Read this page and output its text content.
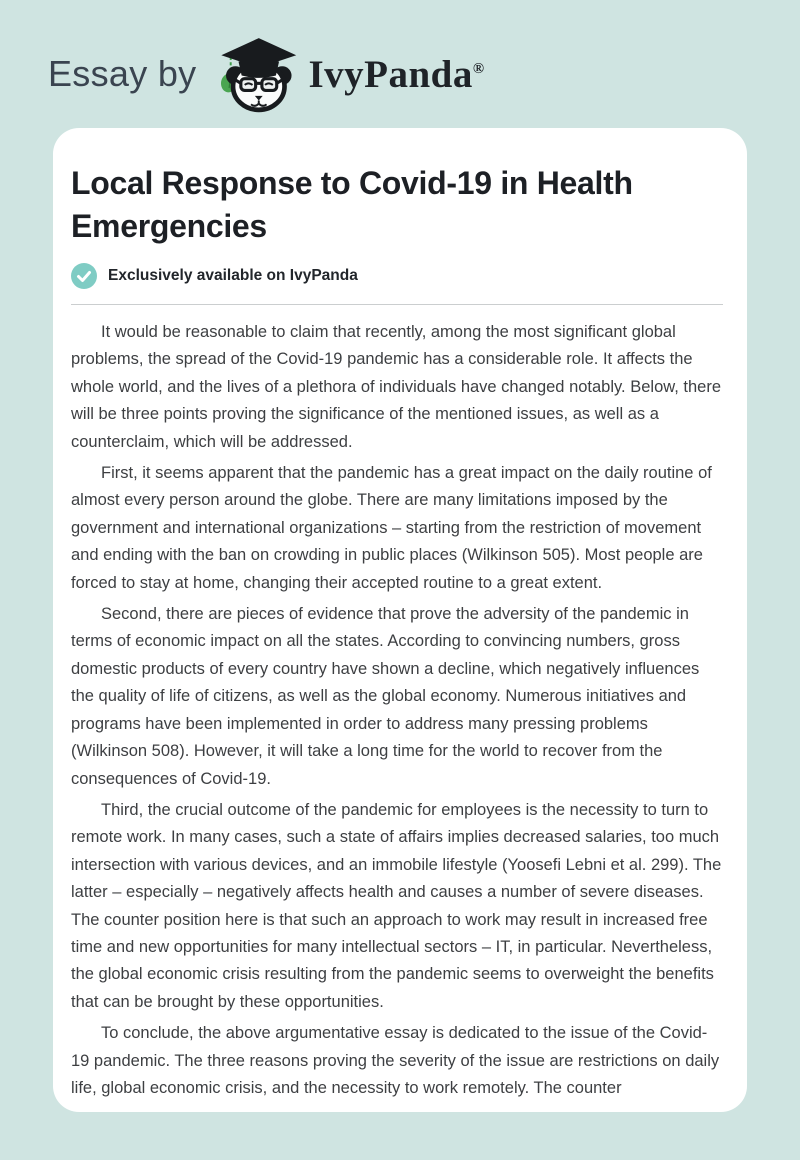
Essay by	IvyPanda®
Local Response to Covid-19 in Health Emergencies
Exclusively available on IvyPanda

It would be reasonable to claim that recently, among the most significant global problems, the spread of the Covid-19 pandemic has a considerable role. It affects the whole world, and the lives of a plethora of individuals have changed notably. Below, there will be three points proving the significance of the mentioned issues, as well as a counterclaim, which will be addressed.

First, it seems apparent that the pandemic has a great impact on the daily routine of almost every person around the globe. There are many limitations imposed by the government and international organizations – starting from the restriction of movement and ending with the ban on crowding in public places (Wilkinson 505). Most people are forced to stay at home, changing their accepted routine to a great extent.

Second, there are pieces of evidence that prove the adversity of the pandemic in terms of economic impact on all the states. According to convincing numbers, gross domestic products of every country have shown a decline, which negatively influences the quality of life of citizens, as well as the global economy. Numerous initiatives and programs have been implemented in order to address many pressing problems (Wilkinson 508). However, it will take a long time for the world to recover from the consequences of Covid-19.

Third, the crucial outcome of the pandemic for employees is the necessity to turn to remote work. In many cases, such a state of affairs implies decreased salaries, too much intersection with various devices, and an immobile lifestyle (Yoosefi Lebni et al. 299). The latter – especially – negatively affects health and causes a number of severe diseases. The counter position here is that such an approach to work may result in increased free time and new opportunities for many intellectual sectors – IT, in particular. Nevertheless, the global economic crisis resulting from the pandemic seems to overweight the benefits that can be brought by these opportunities.

To conclude, the above argumentative essay is dedicated to the issue of the Covid-19 pandemic. The three reasons proving the severity of the issue are restrictions on daily life, global economic crisis, and the necessity to work remotely. The counter
